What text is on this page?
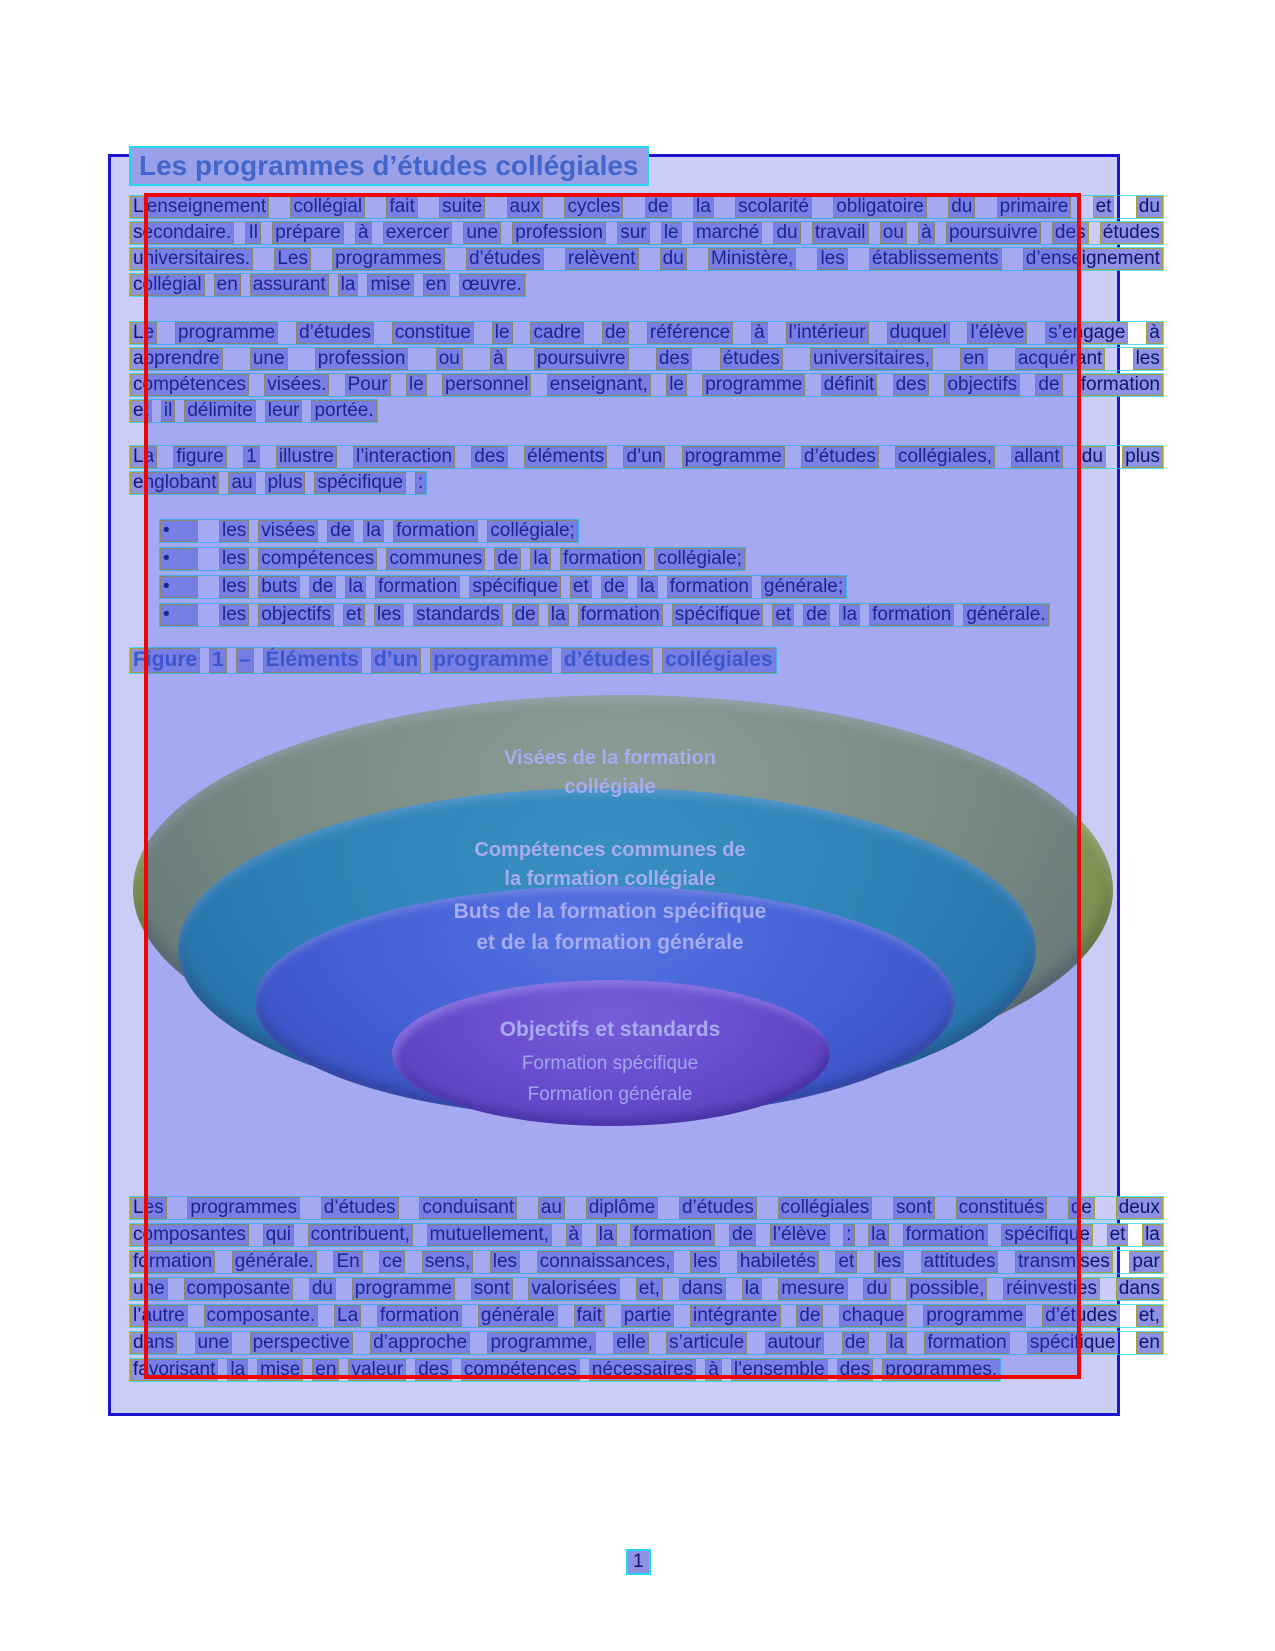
Les programmes d’études collégiales
Visées de la formation
collégiale
Compétences communes de
la formation collégiale
Buts de la formation spécifique
et de la formation générale
Objectifs et standards
Formation spécifique
Formation générale
L’enseignement collégial fait suite aux cycles de la scolarité obligatoire du primaire et du
secondaire. Il prépare à exercer une profession sur le marché du travail ou à poursuivre des études
universitaires. Les programmes d’études relèvent du Ministère, les établissements d’enseignement
collégial en assurant la mise en œuvre.
Le programme d’études constitue le cadre de référence à l’intérieur duquel l’élève s’engage à
apprendre une profession ou à poursuivre des études universitaires, en acquérant les
compétences visées. Pour le personnel enseignant, le programme définit des objectifs de formation
et il délimite leur portée.
La figure 1 illustre l’interaction des éléments d’un programme d’études collégiales, allant du plus
englobant au plus spécifique :
•	les visées de la formation collégiale;
•	les compétences communes de la formation collégiale;
•	les buts de la formation spécifique et de la formation générale;
•	les objectifs et les standards de la formation spécifique et de la formation générale.
Figure 1 – Éléments d’un programme d’études collégiales
Les programmes d’études conduisant au diplôme d’études collégiales sont constitués de deux
composantes qui contribuent, mutuellement, à la formation de l’élève : la formation spécifique et la
formation générale. En ce sens, les connaissances, les habiletés et les attitudes transmises par
une composante du programme sont valorisées et, dans la mesure du possible, réinvesties dans
l’autre composante. La formation générale fait partie intégrante de chaque programme d’études et,
dans une perspective d’approche programme, elle s’articule autour de la formation spécifique en
favorisant la mise en valeur des compétences nécessaires à l’ensemble des programmes.
1
